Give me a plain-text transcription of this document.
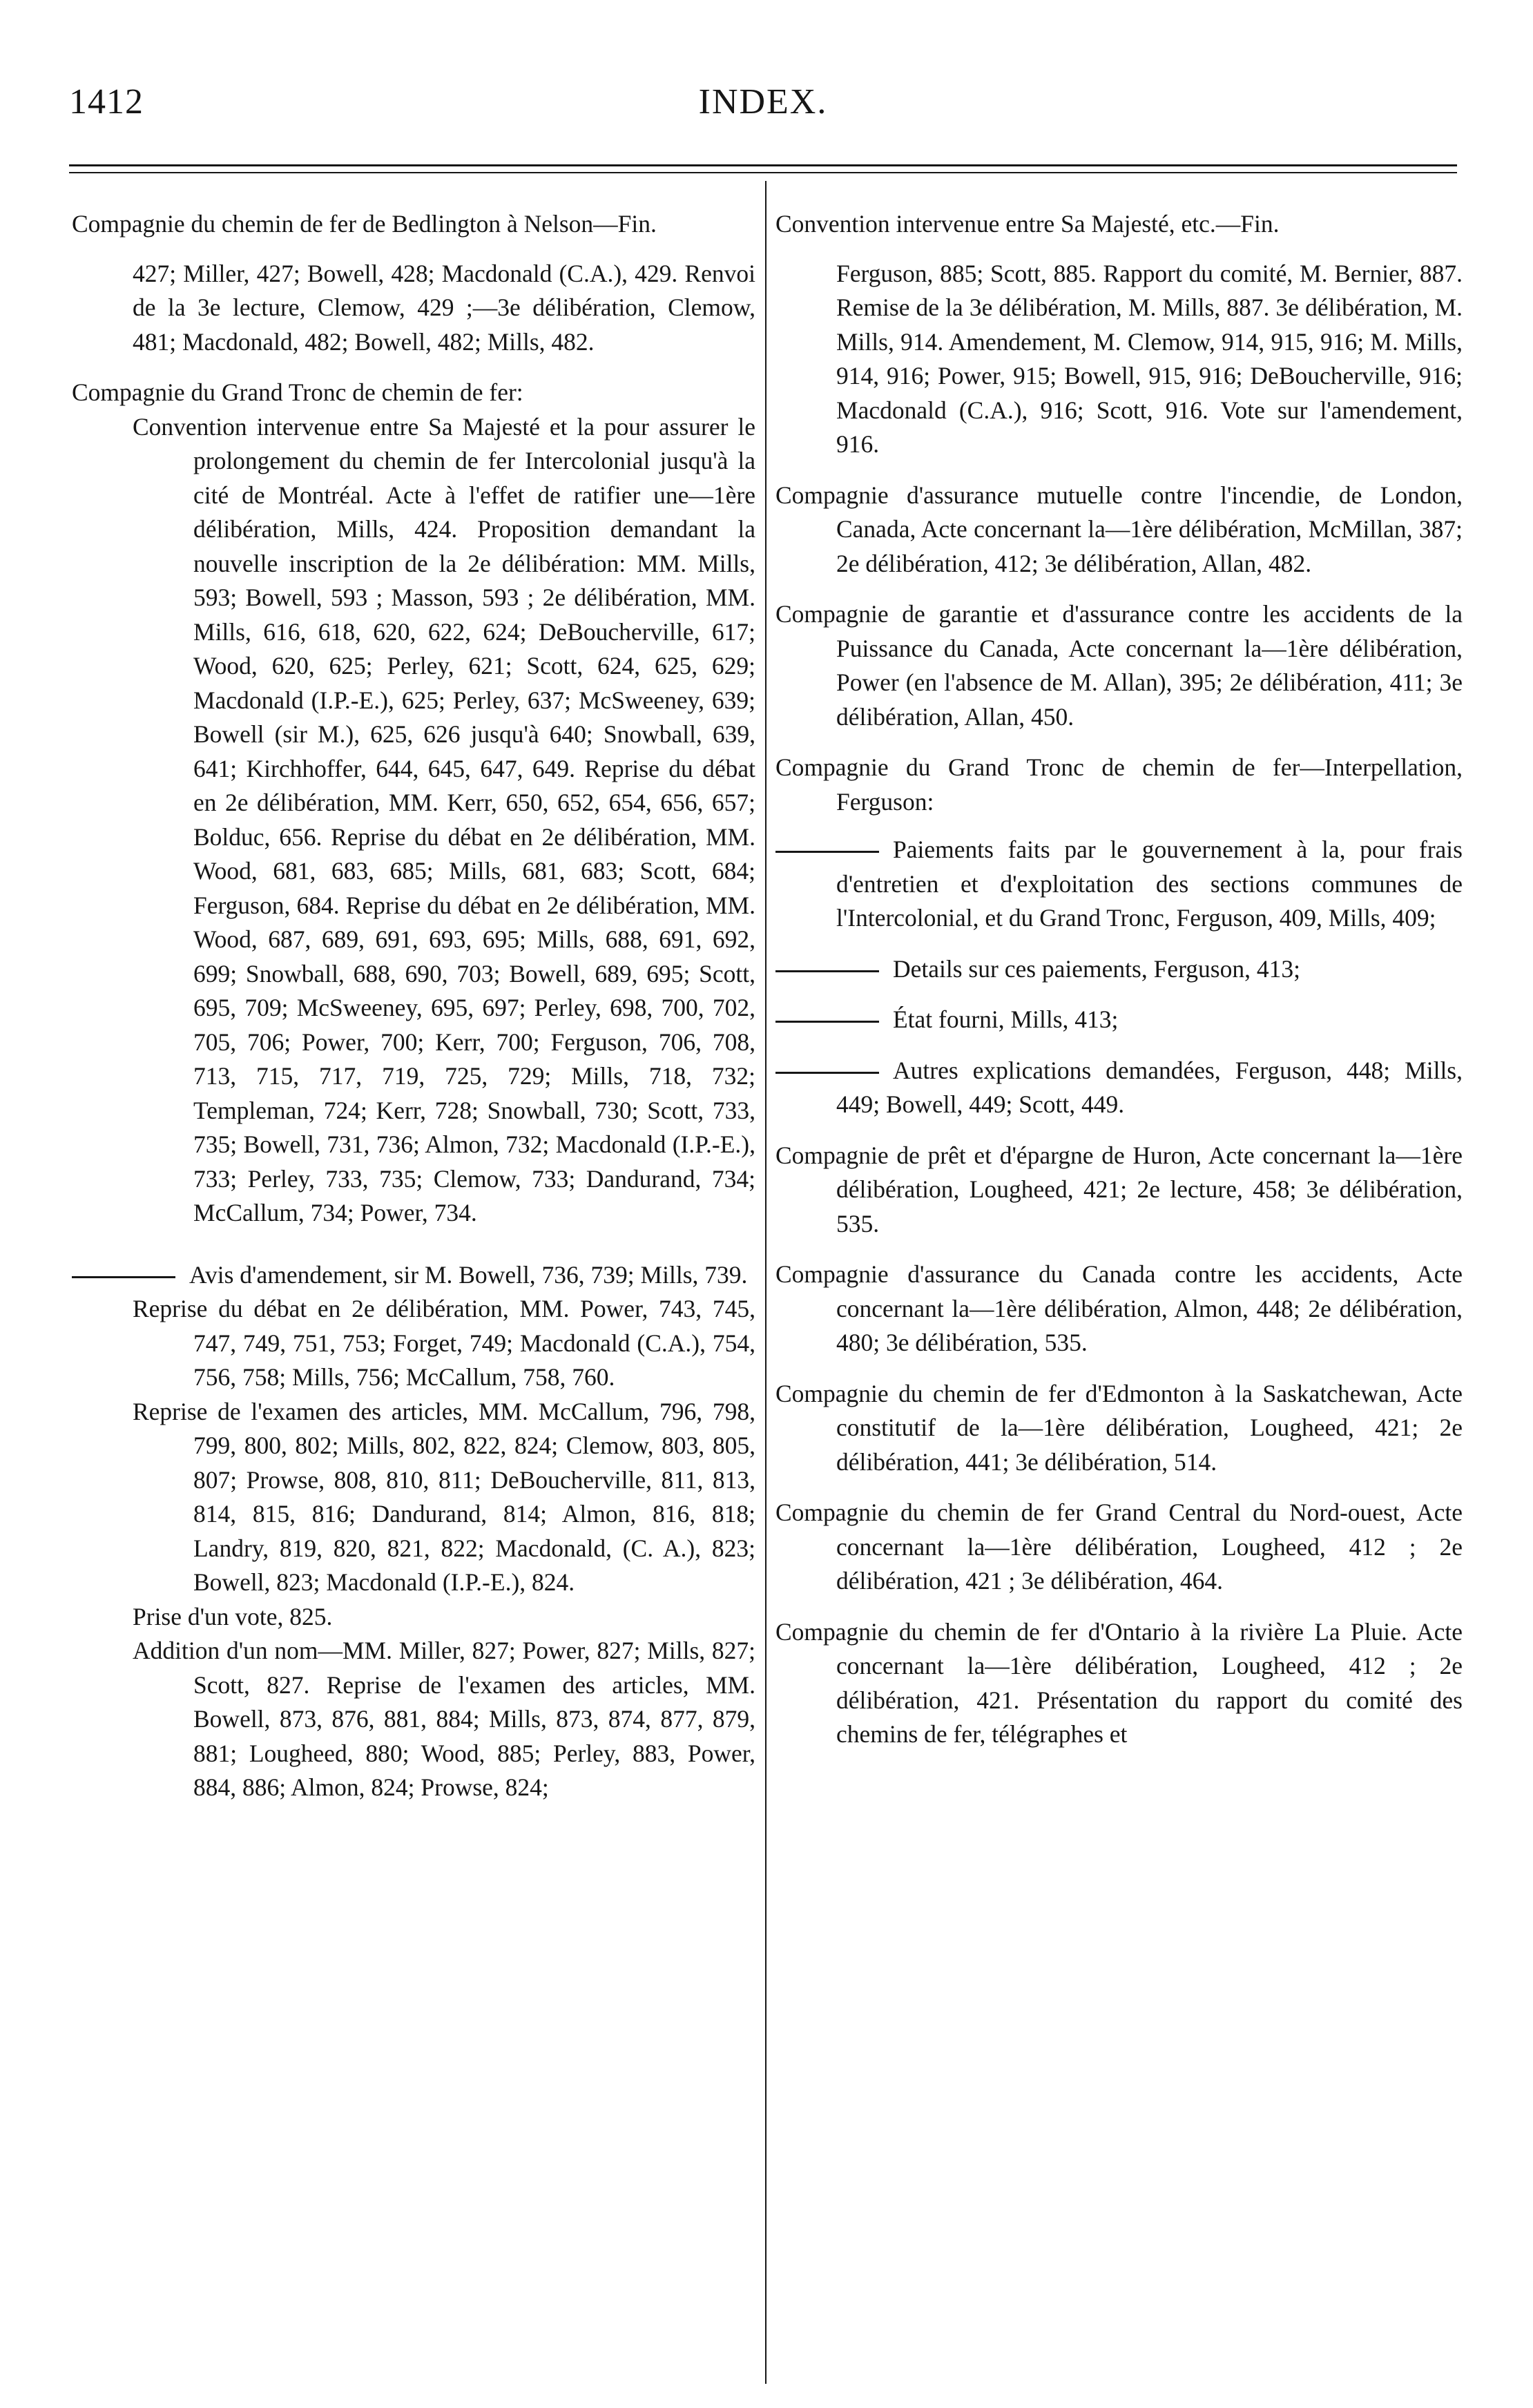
1412	INDEX.
Compagnie du chemin de fer de Bedlington à Nelson—Fin.
427; Miller, 427; Bowell, 428; Macdonald (C.A.), 429. Renvoi de la 3e lecture, Clemow, 429 ;—3e délibération, Clemow, 481; Macdonald, 482; Bowell, 482; Mills, 482.
Compagnie du Grand Tronc de chemin de fer:
Convention intervenue entre Sa Majesté et la pour assurer le prolongement du chemin de fer Intercolonial jusqu'à la cité de Montréal. Acte à l'effet de ratifier une—1ère délibération, Mills, 424. Proposition demandant la nouvelle inscription de la 2e délibération: MM. Mills, 593; Bowell, 593 ; Masson, 593 ; 2e délibération, MM. Mills, 616, 618, 620, 622, 624; DeBoucherville, 617; Wood, 620, 625; Perley, 621; Scott, 624, 625, 629; Macdonald (I.P.-E.), 625; Perley, 637; McSweeney, 639; Bowell (sir M.), 625, 626 jusqu'à 640; Snowball, 639, 641; Kirchhoffer, 644, 645, 647, 649. Reprise du débat en 2e délibération, MM. Kerr, 650, 652, 654, 656, 657; Bolduc, 656. Reprise du débat en 2e délibération, MM. Wood, 681, 683, 685; Mills, 681, 683; Scott, 684; Ferguson, 684. Reprise du débat en 2e délibération, MM. Wood, 687, 689, 691, 693, 695; Mills, 688, 691, 692, 699; Snowball, 688, 690, 703; Bowell, 689, 695; Scott, 695, 709; McSweeney, 695, 697; Perley, 698, 700, 702, 705, 706; Power, 700; Kerr, 700; Ferguson, 706, 708, 713, 715, 717, 719, 725, 729; Mills, 718, 732; Templeman, 724; Kerr, 728; Snowball, 730; Scott, 733, 735; Bowell, 731, 736; Almon, 732; Macdonald (I.P.-E.), 733; Perley, 733, 735; Clemow, 733; Dandurand, 734; McCallum, 734; Power, 734.
Avis d'amendement, sir M. Bowell, 736, 739; Mills, 739.
Reprise du débat en 2e délibération, MM. Power, 743, 745, 747, 749, 751, 753; Forget, 749; Macdonald (C.A.), 754, 756, 758; Mills, 756; McCallum, 758, 760.
Reprise de l'examen des articles, MM. McCallum, 796, 798, 799, 800, 802; Mills, 802, 822, 824; Clemow, 803, 805, 807; Prowse, 808, 810, 811; DeBoucherville, 811, 813, 814, 815, 816; Dandurand, 814; Almon, 816, 818; Landry, 819, 820, 821, 822; Macdonald, (C. A.), 823; Bowell, 823; Macdonald (I.P.-E.), 824.
Prise d'un vote, 825.
Addition d'un nom—MM. Miller, 827; Power, 827; Mills, 827; Scott, 827. Reprise de l'examen des articles, MM. Bowell, 873, 876, 881, 884; Mills, 873, 874, 877, 879, 881; Lougheed, 880; Wood, 885; Perley, 883, Power, 884, 886; Almon, 824; Prowse, 824;
Convention intervenue entre Sa Majesté, etc.—Fin.
Ferguson, 885; Scott, 885. Rapport du comité, M. Bernier, 887. Remise de la 3e délibération, M. Mills, 887. 3e délibération, M. Mills, 914. Amendement, M. Clemow, 914, 915, 916; M. Mills, 914, 916; Power, 915; Bowell, 915, 916; DeBoucherville, 916; Macdonald (C.A.), 916; Scott, 916. Vote sur l'amendement, 916.
Compagnie d'assurance mutuelle contre l'incendie, de London, Canada, Acte concernant la—1ère délibération, McMillan, 387; 2e délibération, 412; 3e délibération, Allan, 482.
Compagnie de garantie et d'assurance contre les accidents de la Puissance du Canada, Acte concernant la—1ère délibération, Power (en l'absence de M. Allan), 395; 2e délibération, 411; 3e délibération, Allan, 450.
Compagnie du Grand Tronc de chemin de fer—Interpellation, Ferguson:
Paiements faits par le gouvernement à la, pour frais d'entretien et d'exploitation des sections communes de l'Intercolonial, et du Grand Tronc, Ferguson, 409, Mills, 409;
Details sur ces paiements, Ferguson, 413;
État fourni, Mills, 413;
Autres explications demandées, Ferguson, 448; Mills, 449; Bowell, 449; Scott, 449.
Compagnie de prêt et d'épargne de Huron, Acte concernant la—1ère délibération, Lougheed, 421; 2e lecture, 458; 3e délibération, 535.
Compagnie d'assurance du Canada contre les accidents, Acte concernant la—1ère délibération, Almon, 448; 2e délibération, 480; 3e délibération, 535.
Compagnie du chemin de fer d'Edmonton à la Saskatchewan, Acte constitutif de la—1ère délibération, Lougheed, 421; 2e délibération, 441; 3e délibération, 514.
Compagnie du chemin de fer Grand Central du Nord-ouest, Acte concernant la—1ère délibération, Lougheed, 412 ; 2e délibération, 421 ; 3e délibération, 464.
Compagnie du chemin de fer d'Ontario à la rivière La Pluie. Acte concernant la—1ère délibération, Lougheed, 412 ; 2e délibération, 421. Présentation du rapport du comité des chemins de fer, télégraphes et
